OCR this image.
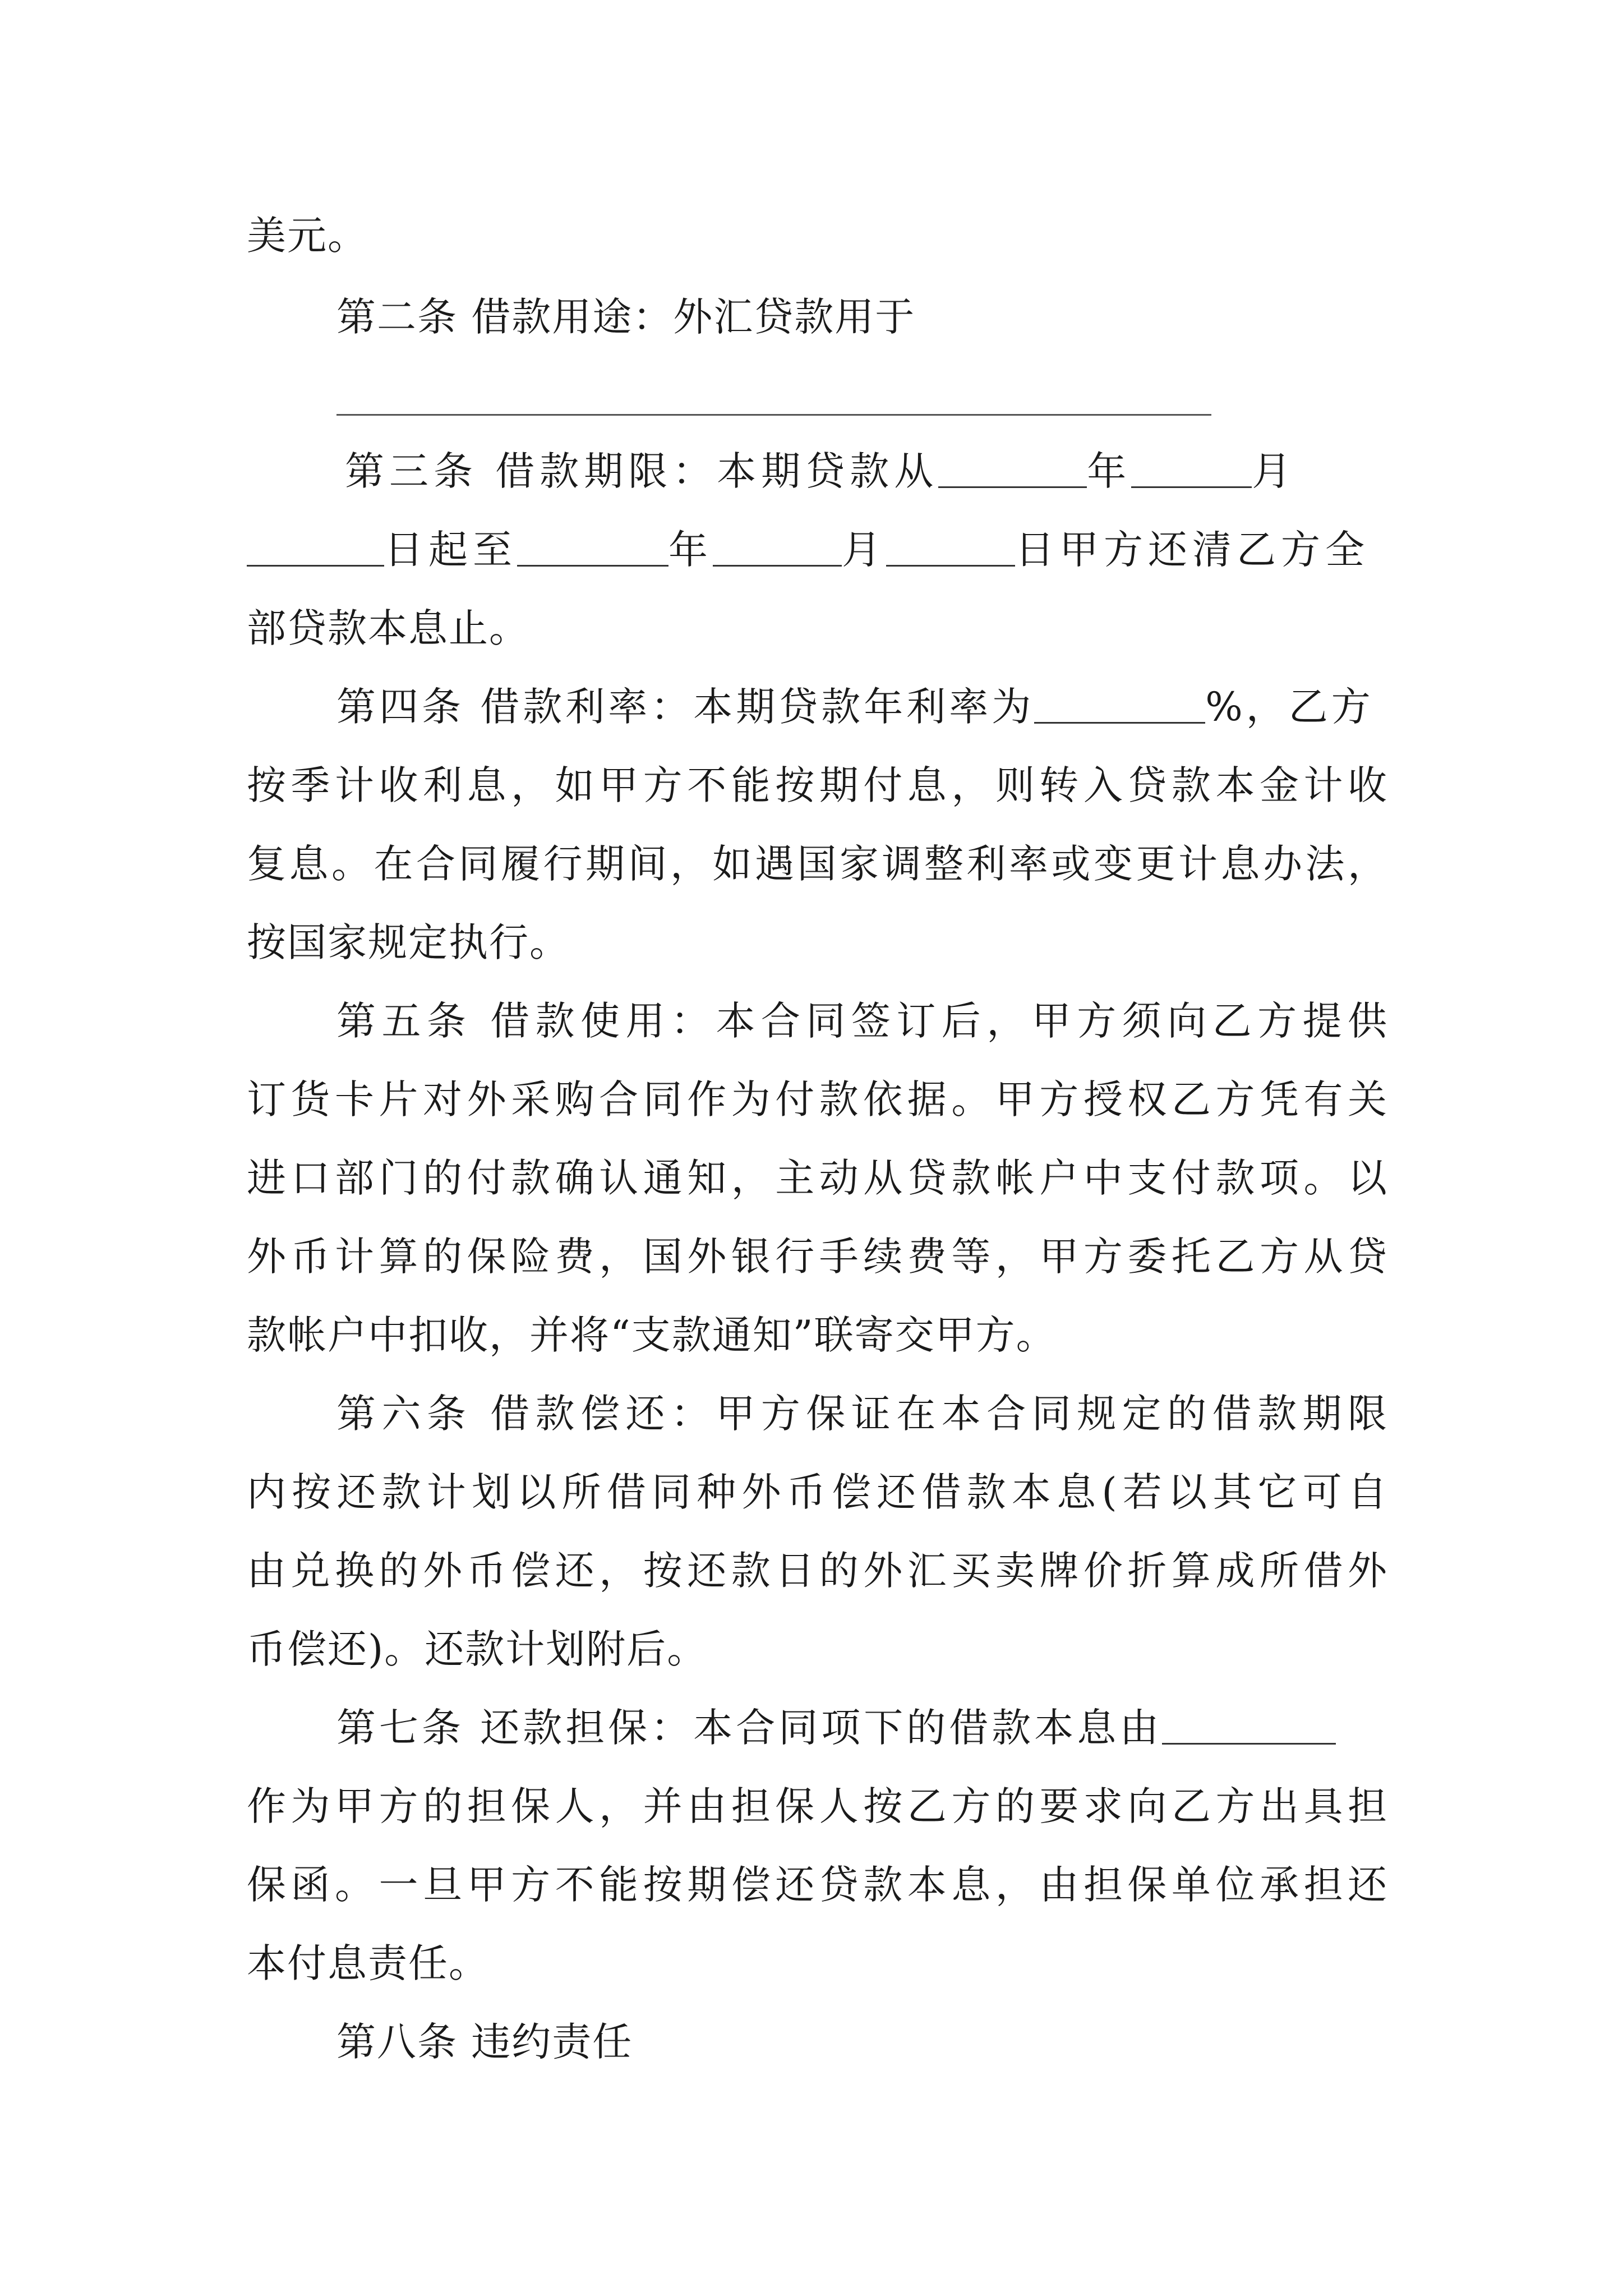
美元。
第二条 借款用途：外汇贷款用于
第三条 借款期限：本期贷款从	年	月
日起至	年	月	日甲方还清乙方全
部贷款本息止。
第四条 借款利率：本期贷款年利率为	%，乙方
按季计收利息，如甲方不能按期付息，则转入贷款本金计收
复息。在合同履行期间，如遇国家调整利率或变更计息办法，
按国家规定执行。
第五条 借款使用：本合同签订后，甲方须向乙方提供
订货卡片对外采购合同作为付款依据。甲方授权乙方凭有关
进口部门的付款确认通知，主动从贷款帐户中支付款项。以
外币计算的保险费，国外银行手续费等，甲方委托乙方从贷
款帐户中扣收，并将“支款通知”联寄交甲方。
第六条 借款偿还：甲方保证在本合同规定的借款期限
内按还款计划以所借同种外币偿还借款本息(若以其它可自
由兑换的外币偿还，按还款日的外汇买卖牌价折算成所借外
币偿还)。还款计划附后。
第七条 还款担保：本合同项下的借款本息由
作为甲方的担保人，并由担保人按乙方的要求向乙方出具担
保函。一旦甲方不能按期偿还贷款本息，由担保单位承担还
本付息责任。
第八条 违约责任
